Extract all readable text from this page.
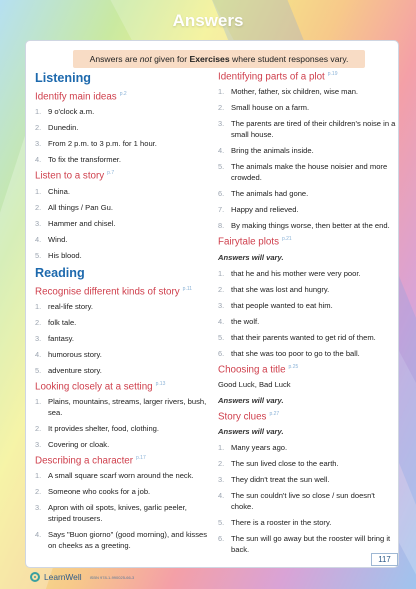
Answers
Answers are not given for Exercises where student responses vary.
Listening
Identify main ideas $^{p.2}$
1. 9 o'clock a.m.
2. Dunedin.
3. From 2 p.m. to 3 p.m. for 1 hour.
4. To fix the transformer.
Listen to a story $^{p.7}$
1. China.
2. All things / Pan Gu.
3. Hammer and chisel.
4. Wind.
5. His blood.
Reading
Recognise different kinds of story $^{p.11}$
1. real-life story.
2. folk tale.
3. fantasy.
4. humorous story.
5. adventure story.
Looking closely at a setting $^{p.13}$
1. Plains, mountains, streams, larger rivers, bush, sea.
2. It provides shelter, food, clothing.
3. Covering or cloak.
Describing a character $^{p.17}$
1. A small square scarf worn around the neck.
2. Someone who cooks for a job.
3. Apron with oil spots, knives, garlic peeler, striped trousers.
4. Says "Buon giorno" (good morning), and kisses on cheeks as a greeting.
Identifying parts of a plot $^{p.19}$
1. Mother, father, six children, wise man.
2. Small house on a farm.
3. The parents are tired of their children's noise in a small house.
4. Bring the animals inside.
5. The animals make the house noisier and more crowded.
6. The animals had gone.
7. Happy and relieved.
8. By making things worse, then better at the end.
Fairytale plots $^{p.21}$
Answers will vary.
1. that he and his mother were very poor.
2. that she was lost and hungry.
3. that people wanted to eat him.
4. the wolf.
5. that their parents wanted to get rid of them.
6. that she was too poor to go to the ball.
Choosing a title $^{p.25}$
Good Luck, Bad Luck
Answers will vary.
Story clues $^{p.27}$
Answers will vary.
1. Many years ago.
2. The sun lived close to the earth.
3. They didn't treat the sun well.
4. The sun couldn't live so close / sun doesn't choke.
5. There is a rooster in the story.
6. The sun will go away but the rooster will bring it back.
LearnWell ISBN 978-1-990025-66-3
117
